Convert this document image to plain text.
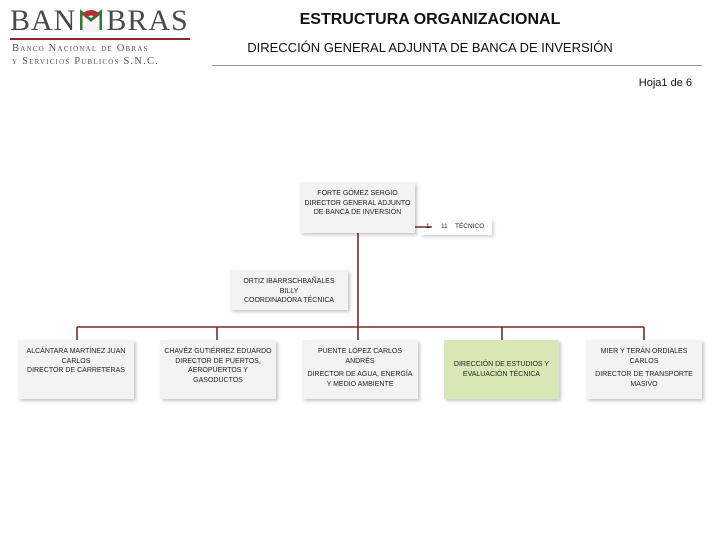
BAN BRAS
Banco Nacional de Obras
y Servicios Publicos S.N.C.
ESTRUCTURA ORGANIZACIONAL
DIRECCIÓN GENERAL ADJUNTA DE BANCA DE INVERSIÓN
Hoja1 de 6
FORTE GÓMEZ SERGIO
DIRECTOR GENERAL ADJUNTO DE BANCA DE INVERSIÓN
1 11 TÉCNICO
ORTIZ IBARRSCHBAÑALES BILLY
COORDINADORA TÉCNICA
ALCÁNTARA MARTÍNEZ JUAN CARLOS
DIRECTOR DE CARRETERAS
CHAVÉZ GUTIÉRREZ EDUARDO
DIRECTOR DE PUERTOS, AEROPUERTOS Y GASODUCTOS
PUENTE LÓPEZ CARLOS ANDRÉS
DIRECTOR DE AGUA, ENERGÍA Y MEDIO AMBIENTE
DIRECCIÓN DE ESTUDIOS Y EVALUACIÓN TÉCNICA
MIER Y TERÁN ORDIALES CARLOS
DIRECTOR DE TRANSPORTE MASIVO
